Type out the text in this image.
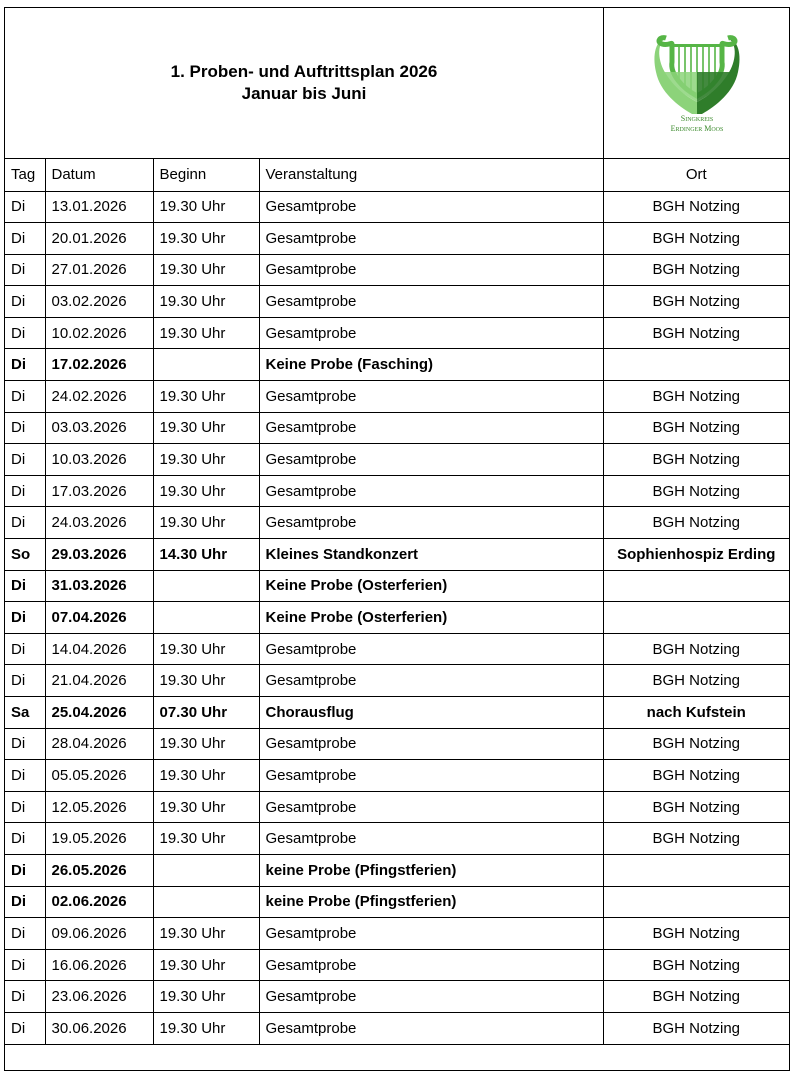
1. Proben- und Auftrittsplan 2026
Januar bis Juni
Singkreis
Erdinger Moos
Tag	Datum	Beginn	Veranstaltung	Ort
Di	13.01.2026	19.30 Uhr	Gesamtprobe	BGH Notzing
Di	20.01.2026	19.30 Uhr	Gesamtprobe	BGH Notzing
Di	27.01.2026	19.30 Uhr	Gesamtprobe	BGH Notzing
Di	03.02.2026	19.30 Uhr	Gesamtprobe	BGH Notzing
Di	10.02.2026	19.30 Uhr	Gesamtprobe	BGH Notzing
Di	17.02.2026		Keine Probe (Fasching)	
Di	24.02.2026	19.30 Uhr	Gesamtprobe	BGH Notzing
Di	03.03.2026	19.30 Uhr	Gesamtprobe	BGH Notzing
Di	10.03.2026	19.30 Uhr	Gesamtprobe	BGH Notzing
Di	17.03.2026	19.30 Uhr	Gesamtprobe	BGH Notzing
Di	24.03.2026	19.30 Uhr	Gesamtprobe	BGH Notzing
So	29.03.2026	14.30 Uhr	Kleines Standkonzert	Sophienhospiz Erding
Di	31.03.2026		Keine Probe (Osterferien)	
Di	07.04.2026		Keine Probe (Osterferien)	
Di	14.04.2026	19.30 Uhr	Gesamtprobe	BGH Notzing
Di	21.04.2026	19.30 Uhr	Gesamtprobe	BGH Notzing
Sa	25.04.2026	07.30 Uhr	Chorausflug	nach Kufstein
Di	28.04.2026	19.30 Uhr	Gesamtprobe	BGH Notzing
Di	05.05.2026	19.30 Uhr	Gesamtprobe	BGH Notzing
Di	12.05.2026	19.30 Uhr	Gesamtprobe	BGH Notzing
Di	19.05.2026	19.30 Uhr	Gesamtprobe	BGH Notzing
Di	26.05.2026		keine Probe (Pfingstferien)	
Di	02.06.2026		keine Probe (Pfingstferien)	
Di	09.06.2026	19.30 Uhr	Gesamtprobe	BGH Notzing
Di	16.06.2026	19.30 Uhr	Gesamtprobe	BGH Notzing
Di	23.06.2026	19.30 Uhr	Gesamtprobe	BGH Notzing
Di	30.06.2026	19.30 Uhr	Gesamtprobe	BGH Notzing
